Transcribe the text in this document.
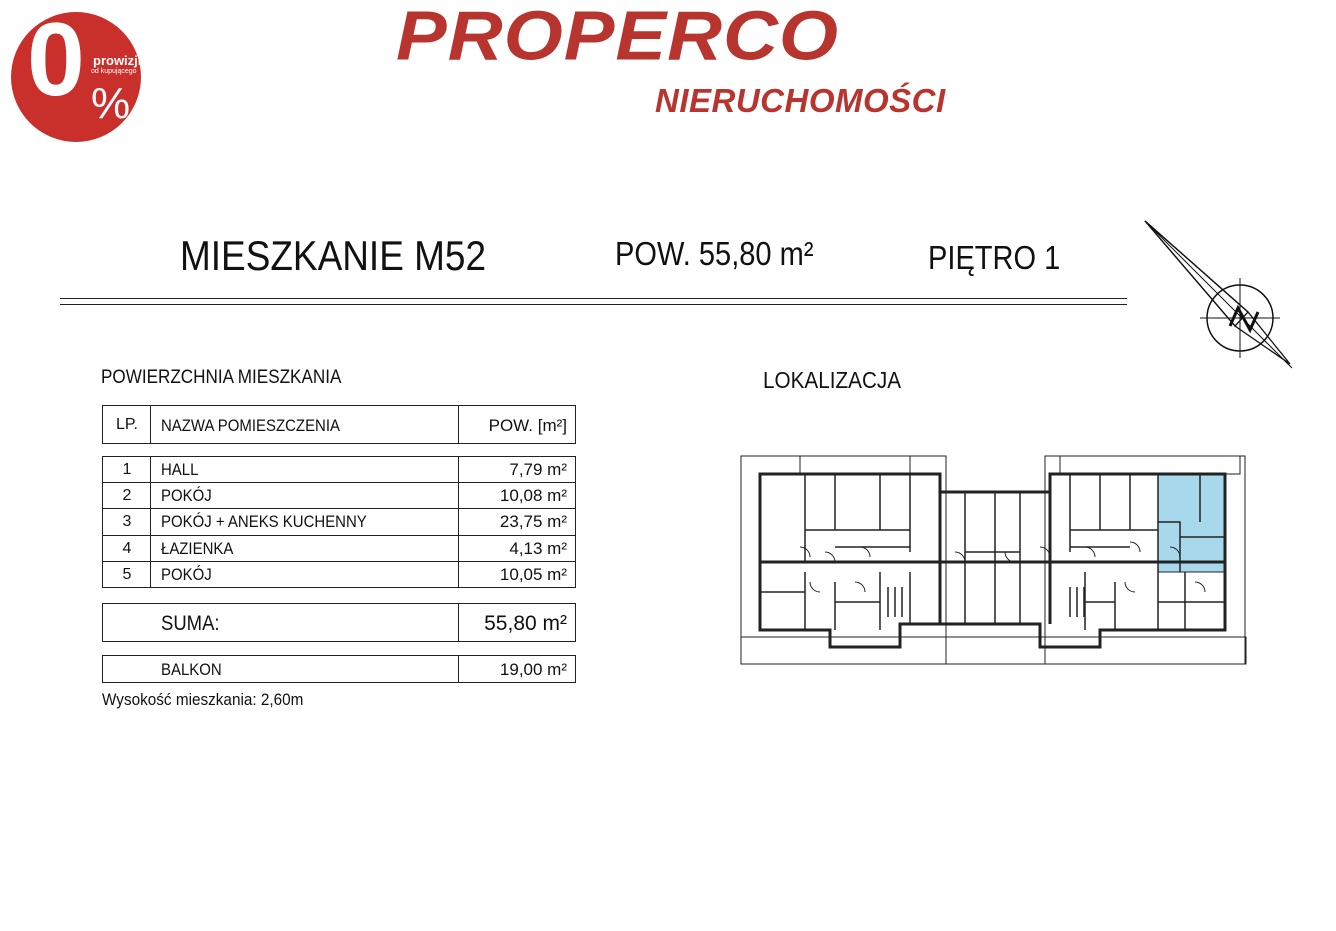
0 prowizji
od kupującego
%
PROPERCO
NIERUCHOMOŚCI
MIESZKANIE M52	POW. 55,80 m²	PIĘTRO 1
POWIERZCHNIA MIESZKANIA	LOKALIZACJA
LP.	NAZWA POMIESZCZENIA	POW. [m²]
1	HALL	7,79 m²
2	POKÓJ	10,08 m²
3	POKÓJ + ANEKS KUCHENNY	23,75 m²
4	ŁAZIENKA	4,13 m²
5	POKÓJ	10,05 m²
SUMA:	55,80 m²
BALKON	19,00 m²
Wysokość mieszkania: 2,60m
